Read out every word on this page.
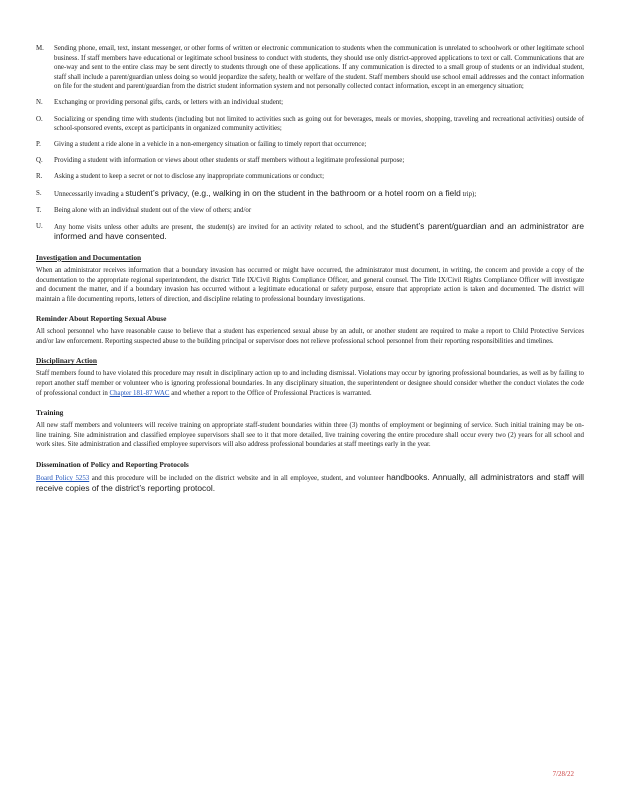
M.	Sending phone, email, text, instant messenger, or other forms of written or electronic communication to students when the communication is unrelated to schoolwork or other legitimate school business. If staff members have educational or legitimate school business to conduct with students, they should use only district-approved applications to text or call. Communications that are one-way and sent to the entire class may be sent directly to students through one of these applications. If any communication is directed to a small group of students or an individual student, staff shall include a parent/guardian unless doing so would jeopardize the safety, health or welfare of the student. Staff members should use school email addresses and the contact information on file for the student and parent/guardian from the district student information system and not personally collected contact information, except in an emergency situation;
N.	Exchanging or providing personal gifts, cards, or letters with an individual student;
O.	Socializing or spending time with students (including but not limited to activities such as going out for beverages, meals or movies, shopping, traveling and recreational activities) outside of school-sponsored events, except as participants in organized community activities;
P.	Giving a student a ride alone in a vehicle in a non-emergency situation or failing to timely report that occurrence;
Q.	Providing a student with information or views about other students or staff members without a legitimate professional purpose;
R.	Asking a student to keep a secret or not to disclose any inappropriate communications or conduct;
S.	Unnecessarily invading a student’s privacy, (e.g., walking in on the student in the bathroom or a hotel room on a field trip);
T.	Being alone with an individual student out of the view of others; and/or
U.	Any home visits unless other adults are present, the student(s) are invited for an activity related to school, and the student’s parent/guardian and an administrator are informed and have consented.
Investigation and Documentation
When an administrator receives information that a boundary invasion has occurred or might have occurred, the administrator must document, in writing, the concern and provide a copy of the documentation to the appropriate regional superintendent, the district Title IX/Civil Rights Compliance Officer, and general counsel. The Title IX/Civil Rights Compliance Officer will investigate and document the matter, and if a boundary invasion has occurred without a legitimate educational or safety purpose, ensure that appropriate action is taken and documented. The district will maintain a file documenting reports, letters of direction, and discipline relating to professional boundary investigations.
Reminder About Reporting Sexual Abuse
All school personnel who have reasonable cause to believe that a student has experienced sexual abuse by an adult, or another student are required to make a report to Child Protective Services and/or law enforcement. Reporting suspected abuse to the building principal or supervisor does not relieve professional school personnel from their reporting responsibilities and timelines.
Disciplinary Action
Staff members found to have violated this procedure may result in disciplinary action up to and including dismissal. Violations may occur by ignoring professional boundaries, as well as by failing to report another staff member or volunteer who is ignoring professional boundaries. In any disciplinary situation, the superintendent or designee should consider whether the conduct violates the code of professional conduct in Chapter 181-87 WAC and whether a report to the Office of Professional Practices is warranted.
Training
All new staff members and volunteers will receive training on appropriate staff-student boundaries within three (3) months of employment or beginning of service. Such initial training may be on-line training. Site administration and classified employee supervisors shall see to it that more detailed, live training covering the entire procedure shall occur every two (2) years for all school and work sites. Site administration and classified employee supervisors will also address professional boundaries at staff meetings early in the year.
Dissemination of Policy and Reporting Protocols
Board Policy 5253 and this procedure will be included on the district website and in all employee, student, and volunteer handbooks. Annually, all administrators and staff will receive copies of the district’s reporting protocol.
7/28/22
